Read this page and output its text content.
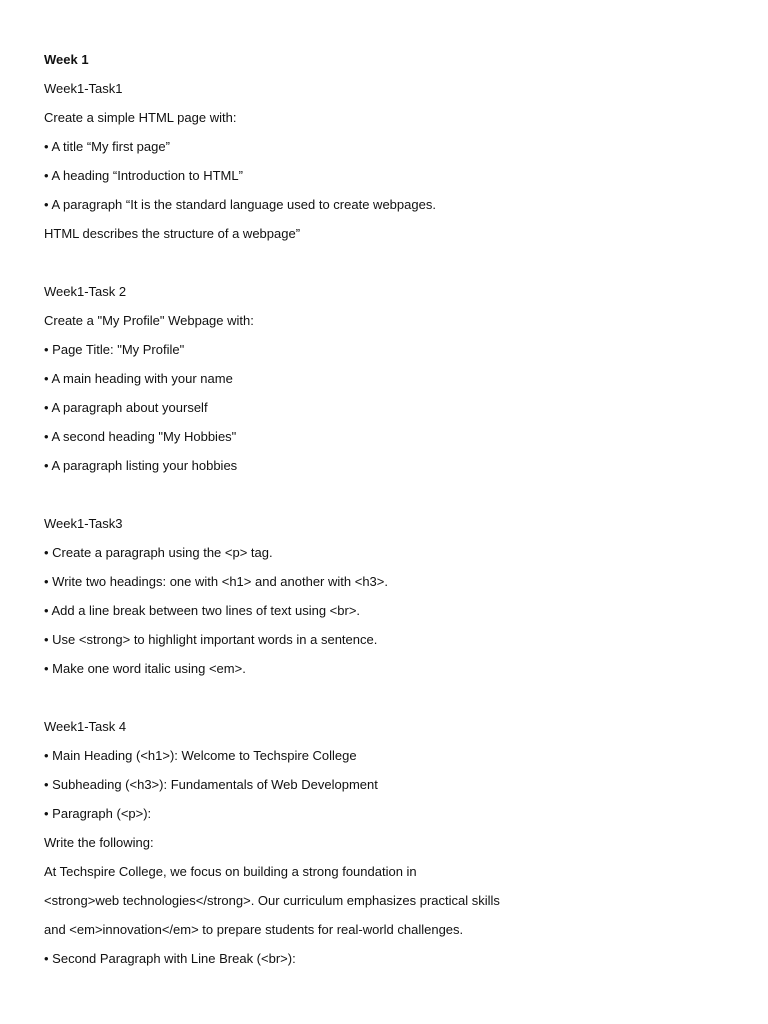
Week 1
Week1-Task1
Create a simple HTML page with:
• A title “My first page”
• A heading “Introduction to HTML”
• A paragraph “It is the standard language used to create webpages.
HTML describes the structure of a webpage”
Week1-Task 2
Create a "My Profile" Webpage with:
• Page Title: "My Profile"
• A main heading with your name
• A paragraph about yourself
• A second heading "My Hobbies"
• A paragraph listing your hobbies
Week1-Task3
• Create a paragraph using the <p> tag.
• Write two headings: one with <h1> and another with <h3>.
• Add a line break between two lines of text using <br>.
• Use <strong> to highlight important words in a sentence.
• Make one word italic using <em>.
Week1-Task 4
• Main Heading (<h1>): Welcome to Techspire College
• Subheading (<h3>): Fundamentals of Web Development
• Paragraph (<p>):
Write the following:
At Techspire College, we focus on building a strong foundation in
<strong>web technologies</strong>. Our curriculum emphasizes practical skills
and <em>innovation</em> to prepare students for real-world challenges.
• Second Paragraph with Line Break (<br>):
